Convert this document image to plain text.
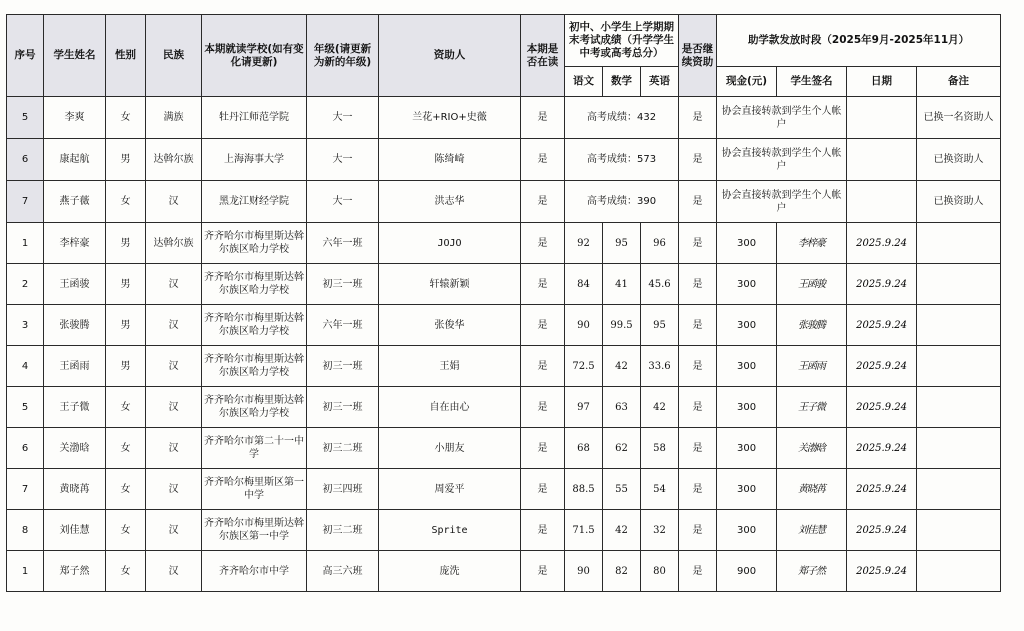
序号	学生姓名	性别	民族	本期就读学校(如有变化请更新)	年级(请更新为新的年级)	资助人	本期是否在读	初中、小学生上学期期末考试成绩（升学学生中考或高考总分）			是否继续资助	助学款发放时段（2025年9月-2025年11月）			
								语文	数学	英语		现金(元)	学生签名	日期	备注
5	李爽	女	满族	牡丹江师范学院	大一	兰花+RIO+史薇	是	高考成绩：432			是	协会直接转款到学生个人帐户			已换一名资助人
6	康起航	男	达斡尔族	上海海事大学	大一	陈绮崎	是	高考成绩：573			是	协会直接转款到学生个人帐户			已换资助人
7	燕子薇	女	汉	黑龙江财经学院	大一	洪志华	是	高考成绩：390			是	协会直接转款到学生个人帐户			已换资助人
1	李梓豪	男	达斡尔族	齐齐哈尔市梅里斯达斡尔族区哈力学校	六年一班	JOJO	是	92	95	96	是	300	李梓豪	2025.9.24	
2	王函骏	男	汉	齐齐哈尔市梅里斯达斡尔族区哈力学校	初三一班	轩辕新颖	是	84	41	45.6	是	300	王函骏	2025.9.24	
3	张骏腾	男	汉	齐齐哈尔市梅里斯达斡尔族区哈力学校	六年一班	张俊华	是	90	99.5	95	是	300	张骏腾	2025.9.24	
4	王函雨	男	汉	齐齐哈尔市梅里斯达斡尔族区哈力学校	初三一班	王娟	是	72.5	42	33.6	是	300	王函雨	2025.9.24	
5	王子微	女	汉	齐齐哈尔市梅里斯达斡尔族区哈力学校	初三一班	自在由心	是	97	63	42	是	300	王子微	2025.9.24	
6	关渤晗	女	汉	齐齐哈尔市第二十一中学	初三二班	小朋友	是	68	62	58	是	300	关渤晗	2025.9.24	
7	黄晓苒	女	汉	齐齐哈尔梅里斯区第一中学	初三四班	周爱平	是	88.5	55	54	是	300	黄晓苒	2025.9.24	
8	刘佳慧	女	汉	齐齐哈尔市梅里斯达斡尔族区第一中学	初三二班	Sprite	是	71.5	42	32	是	300	刘佳慧	2025.9.24	
1	郑子然	女	汉	齐齐哈尔市中学	高三六班	庞洗	是	90	82	80	是	900	郑子然	2025.9.24	
